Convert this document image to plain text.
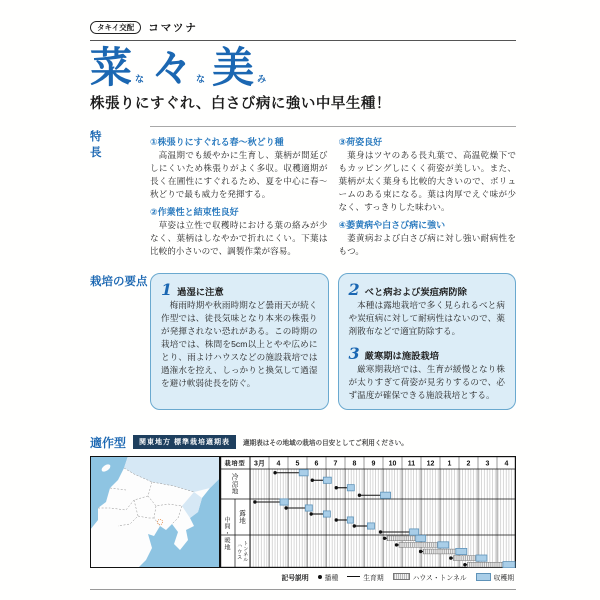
タキイ交配	コマツナ
菜 な 々 な 美 み
株張りにすぐれ、白さび病に強い中早生種！
特長
①株張りにすぐれる春〜秋どり種
高温期でも緩やかに生育し、葉柄が間延びしにくいため株張りがよく多収。収穫適期が長く在圃性にすぐれるため、夏を中心に春〜秋どりで最も威力を発揮する。
②作業性と結束性良好
草姿は立性で収穫時における葉の絡みが少なく、葉柄はしなやかで折れにくい。下葉は比較的小さいので、調製作業が容易。
③荷姿良好
葉身はツヤのある長丸葉で、高温乾燥下でもカッピングしにくく荷姿が美しい。また、葉柄が太く葉身も比較的大きいので、ボリュームのある束になる。葉は肉厚でえぐ味が少なく、すっきりした味わい。
④萎黄病や白さび病に強い
萎黄病および白さび病に対し強い耐病性をもつ。
栽培の要点 1 過湿に注意
梅雨時期や秋雨時期など曇雨天が続く作型では、徒長気味となり本来の株張りが発揮されない恐れがある。この時期の栽培では、株間を5cm以上とやや広めにとり、雨よけハウスなどの施設栽培では過潅水を控え、しっかりと換気して過湿を避け軟弱徒長を防ぐ。
2 べと病および炭疽病防除
本種は露地栽培で多く見られるべと病や炭疽病に対して耐病性はないので、薬剤散布などで適宜防除する。
3 厳寒期は施設栽培
厳寒期栽培では、生育が緩慢となり株が太りすぎて荷姿が見劣りするので、必ず温度が確保できる施設栽培とする。
適作型	関東地方 標準栽培適期表	適期表はその地域の栽培の目安としてご利用ください。
3月 4 5 6 7 8 9 10 11 12 1 2 3 4
栽培型
冷涼地
中間・暖地
露地
ハウス
トンネル
記号説明 播種	生育期	ハウス・トンネル	収穫期
